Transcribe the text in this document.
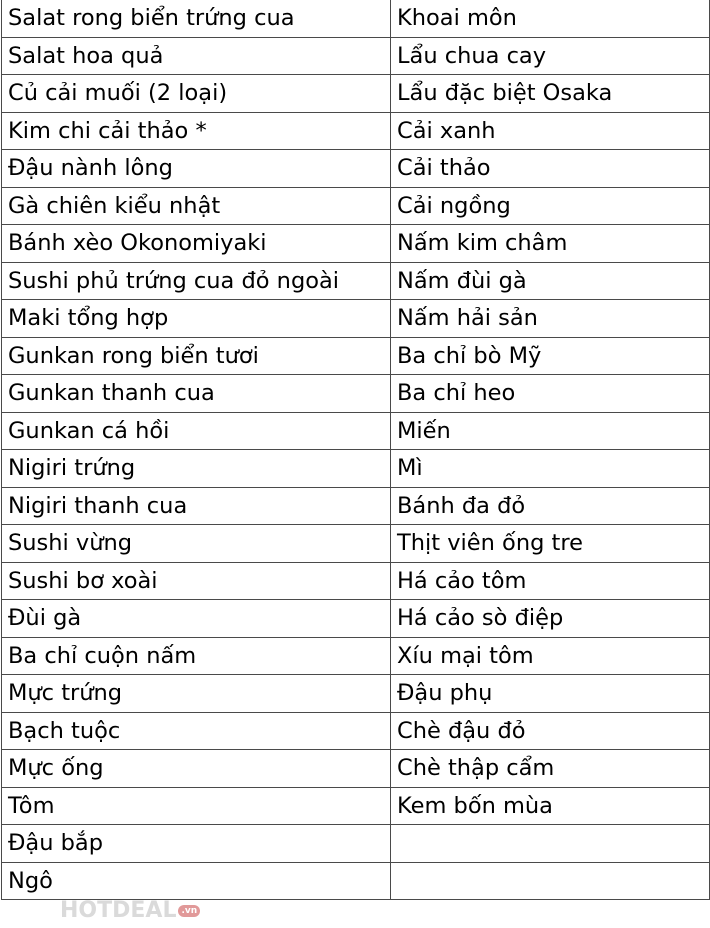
Salat rong biển trứng cua	Khoai môn
Salat hoa quả	Lẩu chua cay
Củ cải muối (2 loại)	Lẩu đặc biệt Osaka
Kim chi cải thảo *	Cải xanh
Đậu nành lông	Cải thảo
Gà chiên kiểu nhật	Cải ngồng
Bánh xèo Okonomiyaki	Nấm kim châm
Sushi phủ trứng cua đỏ ngoài	Nấm đùi gà
Maki tổng hợp	Nấm hải sản
Gunkan rong biển tươi	Ba chỉ bò Mỹ
Gunkan thanh cua	Ba chỉ heo
Gunkan cá hồi	Miến
Nigiri trứng	Mì
Nigiri thanh cua	Bánh đa đỏ
Sushi vừng	Thịt viên ống tre
Sushi bơ xoài	Há cảo tôm
Đùi gà	Há cảo sò điệp
Ba chỉ cuộn nấm	Xíu mại tôm
Mực trứng	Đậu phụ
Bạch tuộc	Chè đậu đỏ
Mực ống	Chè thập cẩm
Tôm	Kem bốn mùa
Đậu bắp	
Ngô	
HOTDEAL .vn
